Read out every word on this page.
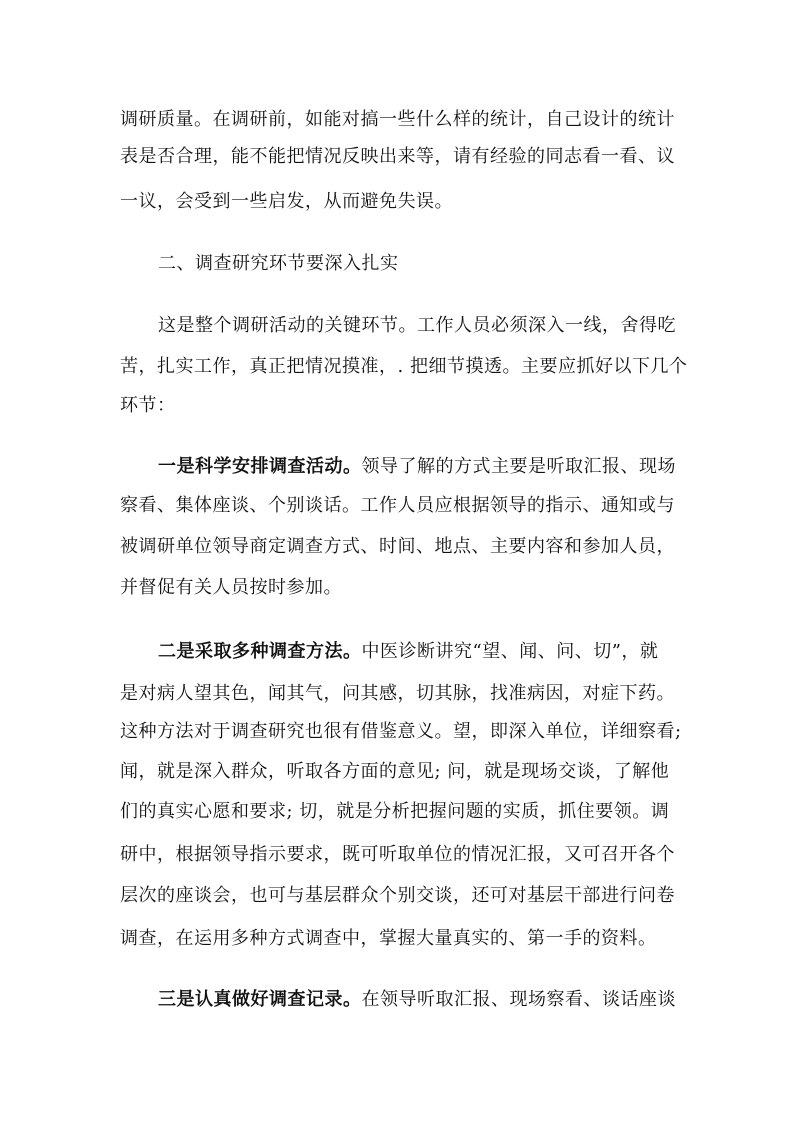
调研质量。在调研前，如能对搞一些什么样的统计，自己设计的统计
表是否合理，能不能把情况反映出来等，请有经验的同志看一看、议
一议，会受到一些启发，从而避免失误。
二、调查研究环节要深入扎实
这是整个调研活动的关键环节。工作人员必须深入一线，舍得吃
苦，扎实工作，真正把情况摸准，. 把细节摸透。主要应抓好以下几个
环节：
一是科学安排调查活动。领导了解的方式主要是听取汇报、现场
察看、集体座谈、个别谈话。工作人员应根据领导的指示、通知或与
被调研单位领导商定调查方式、时间、地点、主要内容和参加人员，
并督促有关人员按时参加。
二是采取多种调查方法。中医诊断讲究“望、闻、问、切”，就
是对病人望其色，闻其气，问其感，切其脉，找准病因，对症下药。
这种方法对于调查研究也很有借鉴意义。望，即深入单位，详细察看;
闻，就是深入群众，听取各方面的意见; 问，就是现场交谈，了解他
们的真实心愿和要求; 切，就是分析把握问题的实质，抓住要领。调
研中，根据领导指示要求，既可听取单位的情况汇报，又可召开各个
层次的座谈会，也可与基层群众个别交谈，还可对基层干部进行问卷
调查，在运用多种方式调查中，掌握大量真实的、第一手的资料。
三是认真做好调查记录。在领导听取汇报、现场察看、谈话座谈
